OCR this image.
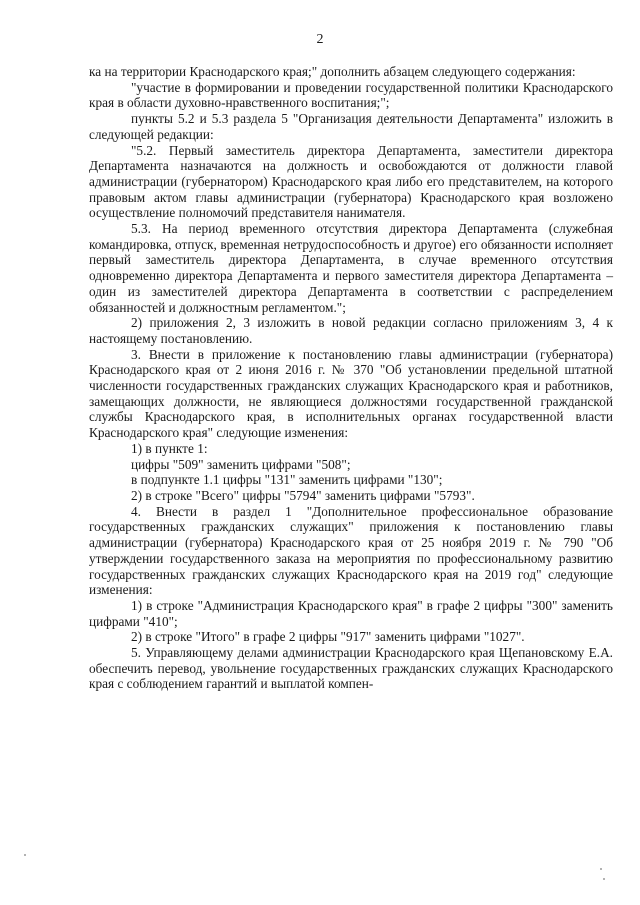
2

ка на территории Краснодарского края;" дополнить абзацем следующего содержания:

"участие в формировании и проведении государственной политики Краснодарского края в области духовно-нравственного воспитания;";

пункты 5.2 и 5.3 раздела 5 "Организация деятельности Департамента" изложить в следующей редакции:

"5.2. Первый заместитель директора Департамента, заместители директора Департамента назначаются на должность и освобождаются от должности главой администрации (губернатором) Краснодарского края либо его представителем, на которого правовым актом главы администрации (губернатора) Краснодарского края возложено осуществление полномочий представителя нанимателя.

5.3. На период временного отсутствия директора Департамента (служебная командировка, отпуск, временная нетрудоспособность и другое) его обязанности исполняет первый заместитель директора Департамента, в случае временного отсутствия одновременно директора Департамента и первого заместителя директора Департамента – один из заместителей директора Департамента в соответствии с распределением обязанностей и должностным регламентом.";

2) приложения 2, 3 изложить в новой редакции согласно приложениям 3, 4 к настоящему постановлению.

3. Внести в приложение к постановлению главы администрации (губернатора) Краснодарского края от 2 июня 2016 г. № 370 "Об установлении предельной штатной численности государственных гражданских служащих Краснодарского края и работников, замещающих должности, не являющиеся должностями государственной гражданской службы Краснодарского края, в исполнительных органах государственной власти Краснодарского края" следующие изменения:

1) в пункте 1:

цифры "509" заменить цифрами "508";

в подпункте 1.1 цифры "131" заменить цифрами "130";

2) в строке "Всего" цифры "5794" заменить цифрами "5793".

4. Внести в раздел 1 "Дополнительное профессиональное образование государственных гражданских служащих" приложения к постановлению главы администрации (губернатора) Краснодарского края от 25 ноября 2019 г. № 790 "Об утверждении государственного заказа на мероприятия по профессиональному развитию государственных гражданских служащих Краснодарского края на 2019 год" следующие изменения:

1) в строке "Администрация Краснодарского края" в графе 2 цифры "300" заменить цифрами "410";

2) в строке "Итого" в графе 2 цифры "917" заменить цифрами "1027".

5. Управляющему делами администрации Краснодарского края Щепановскому Е.А. обеспечить перевод, увольнение государственных гражданских служащих Краснодарского края с соблюдением гарантий и выплатой компен-
